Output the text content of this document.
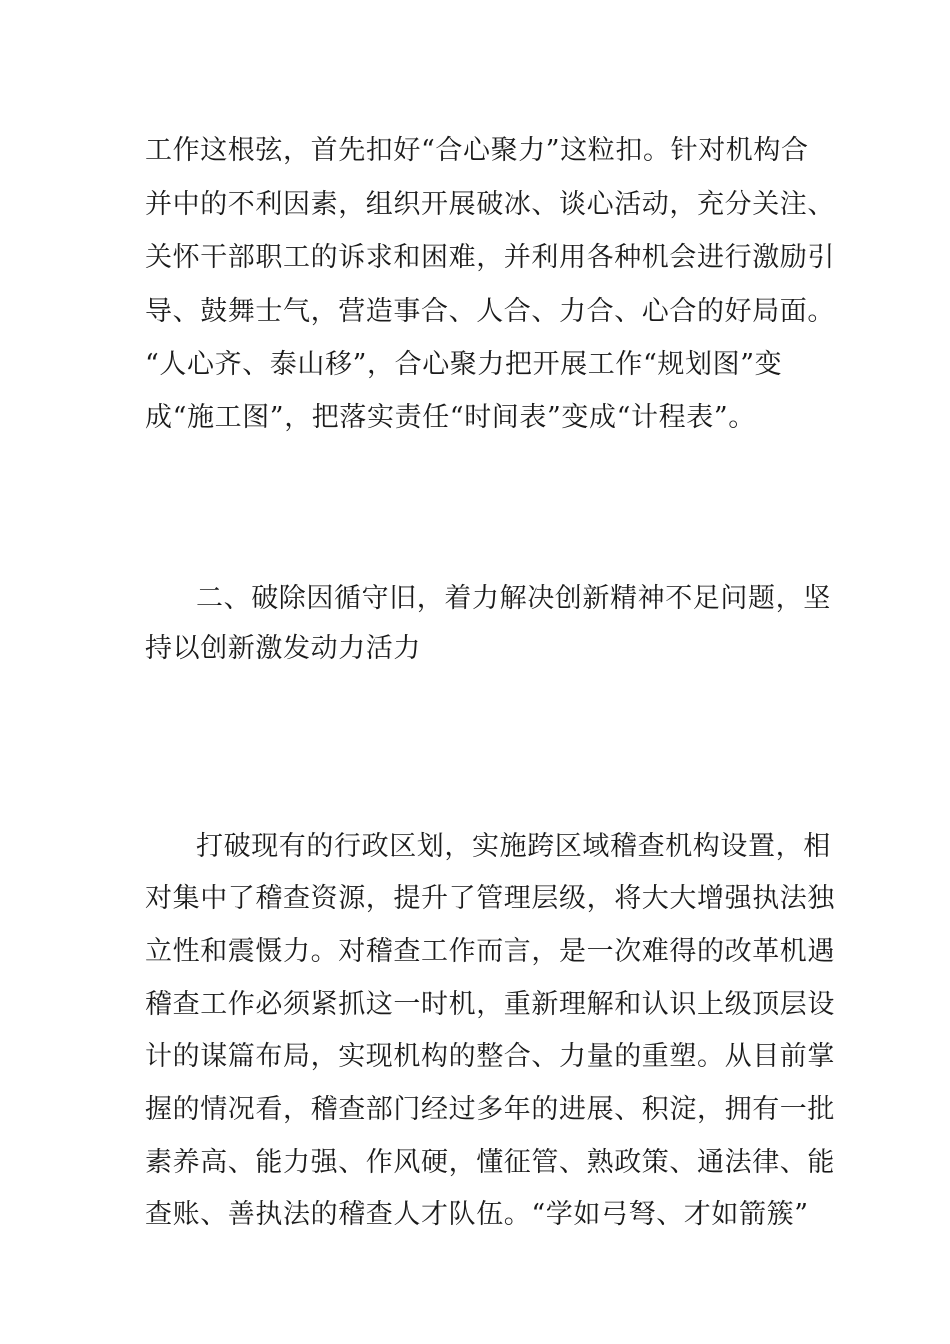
工作这根弦，首先扣好“合心聚力”这粒扣。针对机构合
并中的不利因素，组织开展破冰、谈心活动，充分关注、
关怀干部职工的诉求和困难，并利用各种机会进行激励引
导、鼓舞士气，营造事合、人合、力合、心合的好局面。
“人心齐、泰山移”，合心聚力把开展工作“规划图”变
成“施工图”，把落实责任“时间表”变成“计程表”。
二、破除因循守旧，着力解决创新精神不足问题，坚
持以创新激发动力活力
打破现有的行政区划，实施跨区域稽查机构设置，相
对集中了稽查资源，提升了管理层级，将大大增强执法独
立性和震慑力。对稽查工作而言，是一次难得的改革机遇
稽查工作必须紧抓这一时机，重新理解和认识上级顶层设
计的谋篇布局，实现机构的整合、力量的重塑。从目前掌
握的情况看，稽查部门经过多年的进展、积淀，拥有一批
素养高、能力强、作风硬，懂征管、熟政策、通法律、能
查账、善执法的稽查人才队伍。“学如弓弩、才如箭簇”
